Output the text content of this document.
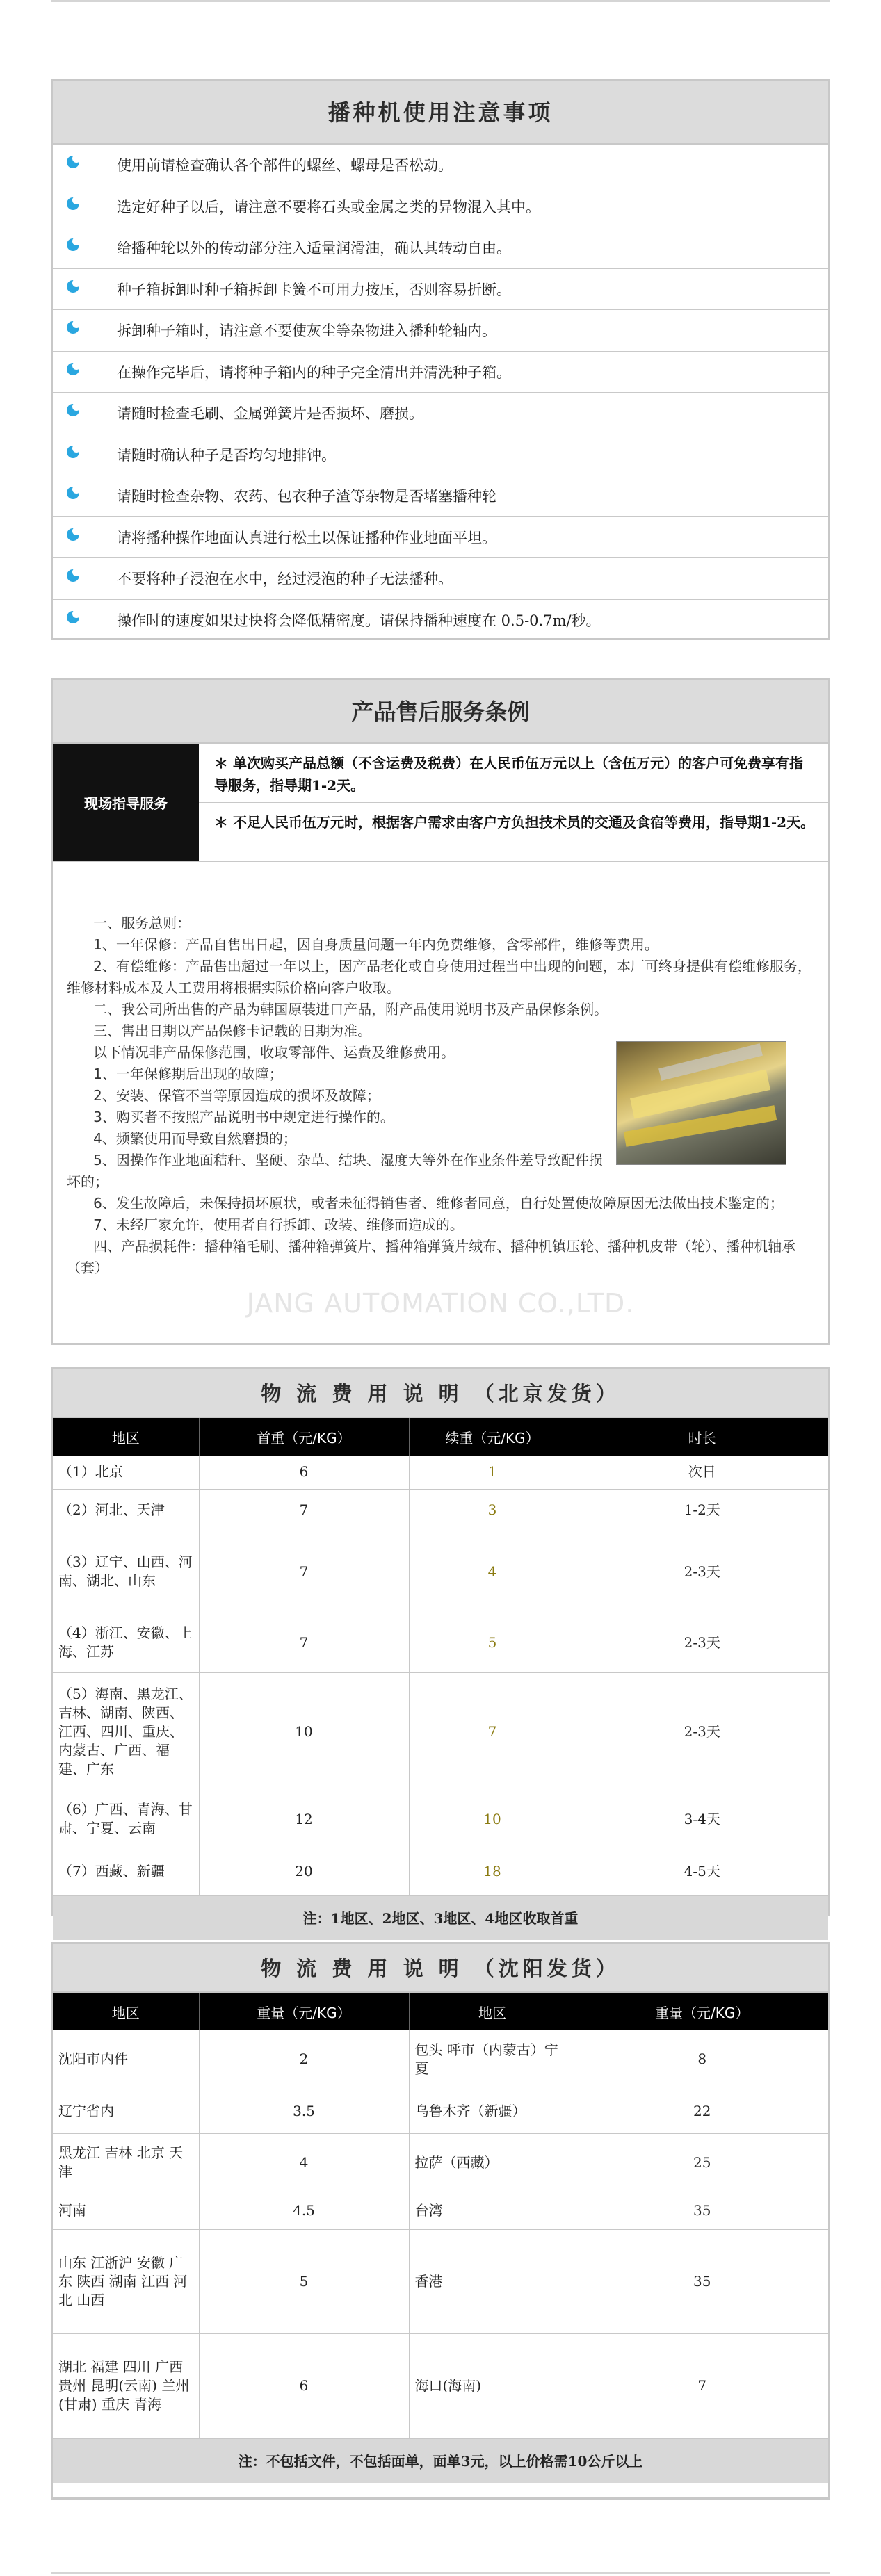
播种机使用注意事项
使用前请检查确认各个部件的螺丝、螺母是否松动。
选定好种子以后，请注意不要将石头或金属之类的异物混入其中。
给播种轮以外的传动部分注入适量润滑油，确认其转动自由。
种子箱拆卸时种子箱拆卸卡簧不可用力按压，否则容易折断。
拆卸种子箱时，请注意不要使灰尘等杂物进入播种轮轴内。
在操作完毕后，请将种子箱内的种子完全清出并清洗种子箱。
请随时检查毛刷、金属弹簧片是否损坏、磨损。
请随时确认种子是否均匀地排钟。
请随时检查杂物、农药、包衣种子渣等杂物是否堵塞播种轮
请将播种操作地面认真进行松土以保证播种作业地面平坦。
不要将种子浸泡在水中，经过浸泡的种子无法播种。
操作时的速度如果过快将会降低精密度。请保持播种速度在 0.5-0.7m/秒。
产品售后服务条例
现场指导服务
＊ 单次购买产品总额（不含运费及税费）在人民币伍万元以上（含伍万元）的客户可免费享有指导服务，指导期1-2天。
＊ 不足人民币伍万元时，根据客户需求由客户方负担技术员的交通及食宿等费用，指导期1-2天。

一、服务总则：

1、一年保修：产品自售出日起，因自身质量问题一年内免费维修，含零部件，维修等费用。

2、有偿维修：产品售出超过一年以上，因产品老化或自身使用过程当中出现的问题，本厂可终身提供有偿维修服务，维修材料成本及人工费用将根据实际价格向客户收取。

二、我公司所出售的产品为韩国原装进口产品，附产品使用说明书及产品保修条例。

三、售出日期以产品保修卡记载的日期为准。

以下情况非产品保修范围，收取零部件、运费及维修费用。

1、一年保修期后出现的故障；

2、安装、保管不当等原因造成的损坏及故障；

3、购买者不按照产品说明书中规定进行操作的。

4、频繁使用而导致自然磨损的；

5、因操作作业地面秸秆、坚硬、杂草、结块、湿度大等外在作业条件差导致配件损坏的；

6、发生故障后，未保持损坏原状，或者未征得销售者、维修者同意，自行处置使故障原因无法做出技术鉴定的；

7、未经厂家允许，使用者自行拆卸、改装、维修而造成的。

四、产品损耗件：播种箱毛刷、播种箱弹簧片、播种箱弹簧片绒布、播种机镇压轮、播种机皮带（轮）、播种机轴承（套）

JANG AUTOMATION CO.,LTD.
物 流 费 用 说 明 （北京发货）
地区	首重（元/KG）	续重（元/KG）	时长
（1）北京	6	1	次日
（2）河北、天津	7	3	1-2天
（3）辽宁、山西、河南、湖北、山东	7	4	2-3天
（4）浙江、安徽、上海、江苏	7	5	2-3天
（5）海南、黑龙江、吉林、湖南、陕西、江西、四川、重庆、内蒙古、广西、福建、广东	10	7	2-3天
（6）广西、青海、甘肃、宁夏、云南	12	10	3-4天
（7）西藏、新疆	20	18	4-5天
注：1地区、2地区、3地区、4地区收取首重
物 流 费 用 说 明 （沈阳发货）
地区	重量（元/KG）	地区	重量（元/KG）
沈阳市内件	2	包头 呼市（内蒙古）宁夏	8
辽宁省内	3.5	乌鲁木齐（新疆）	22
黑龙江 吉林 北京 天津	4	拉萨（西藏）	25
河南	4.5	台湾	35
山东 江浙沪 安徽 广东 陕西 湖南 江西 河北 山西	5	香港	35
湖北 福建 四川 广西 贵州 昆明(云南) 兰州(甘肃) 重庆 青海	6	海口(海南)	7
注：不包括文件，不包括面单，面单3元，以上价格需10公斤以上
